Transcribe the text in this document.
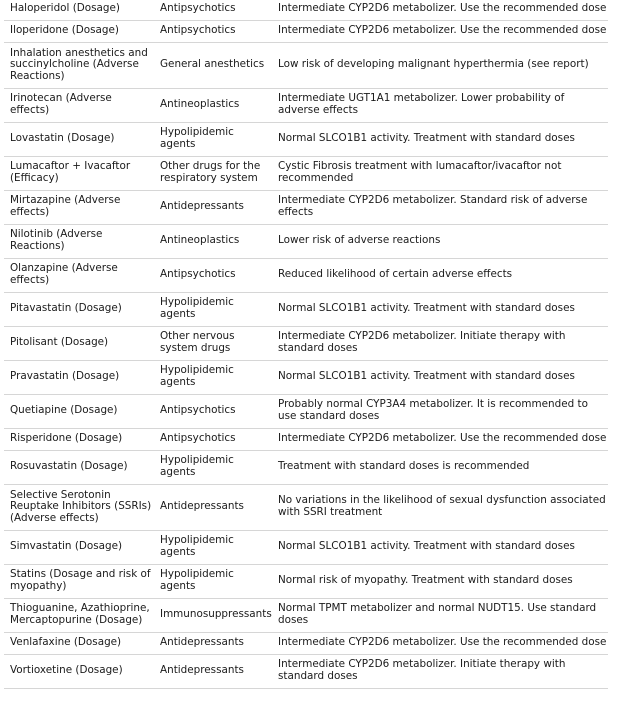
Haloperidol (Dosage)	Antipsychotics	Intermediate CYP2D6 metabolizer. Use the recommended dose
Iloperidone (Dosage)	Antipsychotics	Intermediate CYP2D6 metabolizer. Use the recommended dose
Inhalation anesthetics and succinylcholine (Adverse Reactions)	General anesthetics	Low risk of developing malignant hyperthermia (see report)
Irinotecan (Adverse effects)	Antineoplastics	Intermediate UGT1A1 metabolizer. Lower probability of adverse effects
Lovastatin (Dosage)	Hypolipidemic agents	Normal SLCO1B1 activity. Treatment with standard doses
Lumacaftor + Ivacaftor (Efficacy)	Other drugs for the respiratory system	Cystic Fibrosis treatment with lumacaftor/ivacaftor not recommended
Mirtazapine (Adverse effects)	Antidepressants	Intermediate CYP2D6 metabolizer. Standard risk of adverse effects
Nilotinib (Adverse Reactions)	Antineoplastics	Lower risk of adverse reactions
Olanzapine (Adverse effects)	Antipsychotics	Reduced likelihood of certain adverse effects
Pitavastatin (Dosage)	Hypolipidemic agents	Normal SLCO1B1 activity. Treatment with standard doses
Pitolisant (Dosage)	Other nervous system drugs	Intermediate CYP2D6 metabolizer. Initiate therapy with standard doses
Pravastatin (Dosage)	Hypolipidemic agents	Normal SLCO1B1 activity. Treatment with standard doses
Quetiapine (Dosage)	Antipsychotics	Probably normal CYP3A4 metabolizer. It is recommended to use standard doses
Risperidone (Dosage)	Antipsychotics	Intermediate CYP2D6 metabolizer. Use the recommended dose
Rosuvastatin (Dosage)	Hypolipidemic agents	Treatment with standard doses is recommended
Selective Serotonin Reuptake Inhibitors (SSRIs) (Adverse effects)	Antidepressants	No variations in the likelihood of sexual dysfunction associated with SSRI treatment
Simvastatin (Dosage)	Hypolipidemic agents	Normal SLCO1B1 activity. Treatment with standard doses
Statins (Dosage and risk of myopathy)	Hypolipidemic agents	Normal risk of myopathy. Treatment with standard doses
Thioguanine, Azathioprine, Mercaptopurine (Dosage)	Immunosuppressants	Normal TPMT metabolizer and normal NUDT15. Use standard doses
Venlafaxine (Dosage)	Antidepressants	Intermediate CYP2D6 metabolizer. Use the recommended dose
Vortioxetine (Dosage)	Antidepressants	Intermediate CYP2D6 metabolizer. Initiate therapy with standard doses
